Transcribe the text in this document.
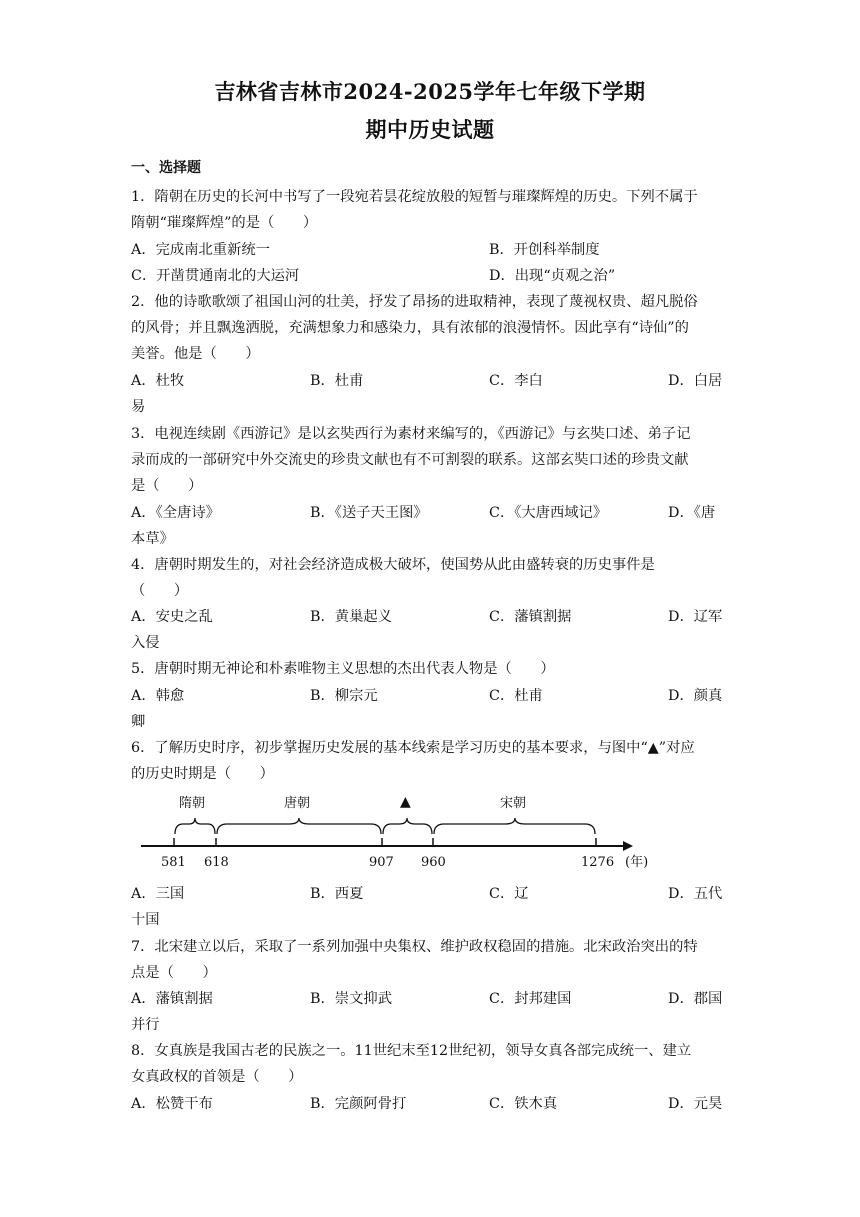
吉林省吉林市2024-2025学年七年级下学期
期中历史试题
一、选择题
1．隋朝在历史的长河中书写了一段宛若昙花绽放般的短暂与璀璨辉煌的历史。下列不属于
隋朝“璀璨辉煌”的是（　　）
A．完成南北重新统一	B．开创科举制度
C．开凿贯通南北的大运河	D．出现“贞观之治”
2．他的诗歌歌颂了祖国山河的壮美，抒发了昂扬的进取精神，表现了蔑视权贵、超凡脱俗
的风骨；并且飘逸洒脱，充满想象力和感染力，具有浓郁的浪漫情怀。因此享有“诗仙”的
美誉。他是（　　）
A．杜牧	B．杜甫	C．李白	D．白居
易
3．电视连续剧《西游记》是以玄奘西行为素材来编写的，《西游记》与玄奘口述、弟子记
录而成的一部研究中外交流史的珍贵文献也有不可割裂的联系。这部玄奘口述的珍贵文献
是（　　）
A．《全唐诗》	B．《送子天王图》	C．《大唐西域记》	D．《唐
本草》
4．唐朝时期发生的，对社会经济造成极大破坏，使国势从此由盛转衰的历史事件是
（　　）
A．安史之乱	B．黄巢起义	C．藩镇割据	D．辽军
入侵
5．唐朝时期无神论和朴素唯物主义思想的杰出代表人物是（　　）
A．韩愈	B．柳宗元	C．杜甫	D．颜真
卿
6．了解历史时序，初步掌握历史发展的基本线索是学习历史的基本要求，与图中“▲”对应
的历史时期是（　　）
隋朝	唐朝	▲	宋朝
581 618	907 960	1276 (年)
A．三国	B．西夏	C．辽	D．五代
十国
7．北宋建立以后，采取了一系列加强中央集权、维护政权稳固的措施。北宋政治突出的特
点是（　　）
A．藩镇割据	B．崇文抑武	C．封邦建国	D．郡国
并行
8．女真族是我国古老的民族之一。11世纪末至12世纪初，领导女真各部完成统一、建立
女真政权的首领是（　　）
A．松赞干布	B．完颜阿骨打	C．铁木真	D．元昊
